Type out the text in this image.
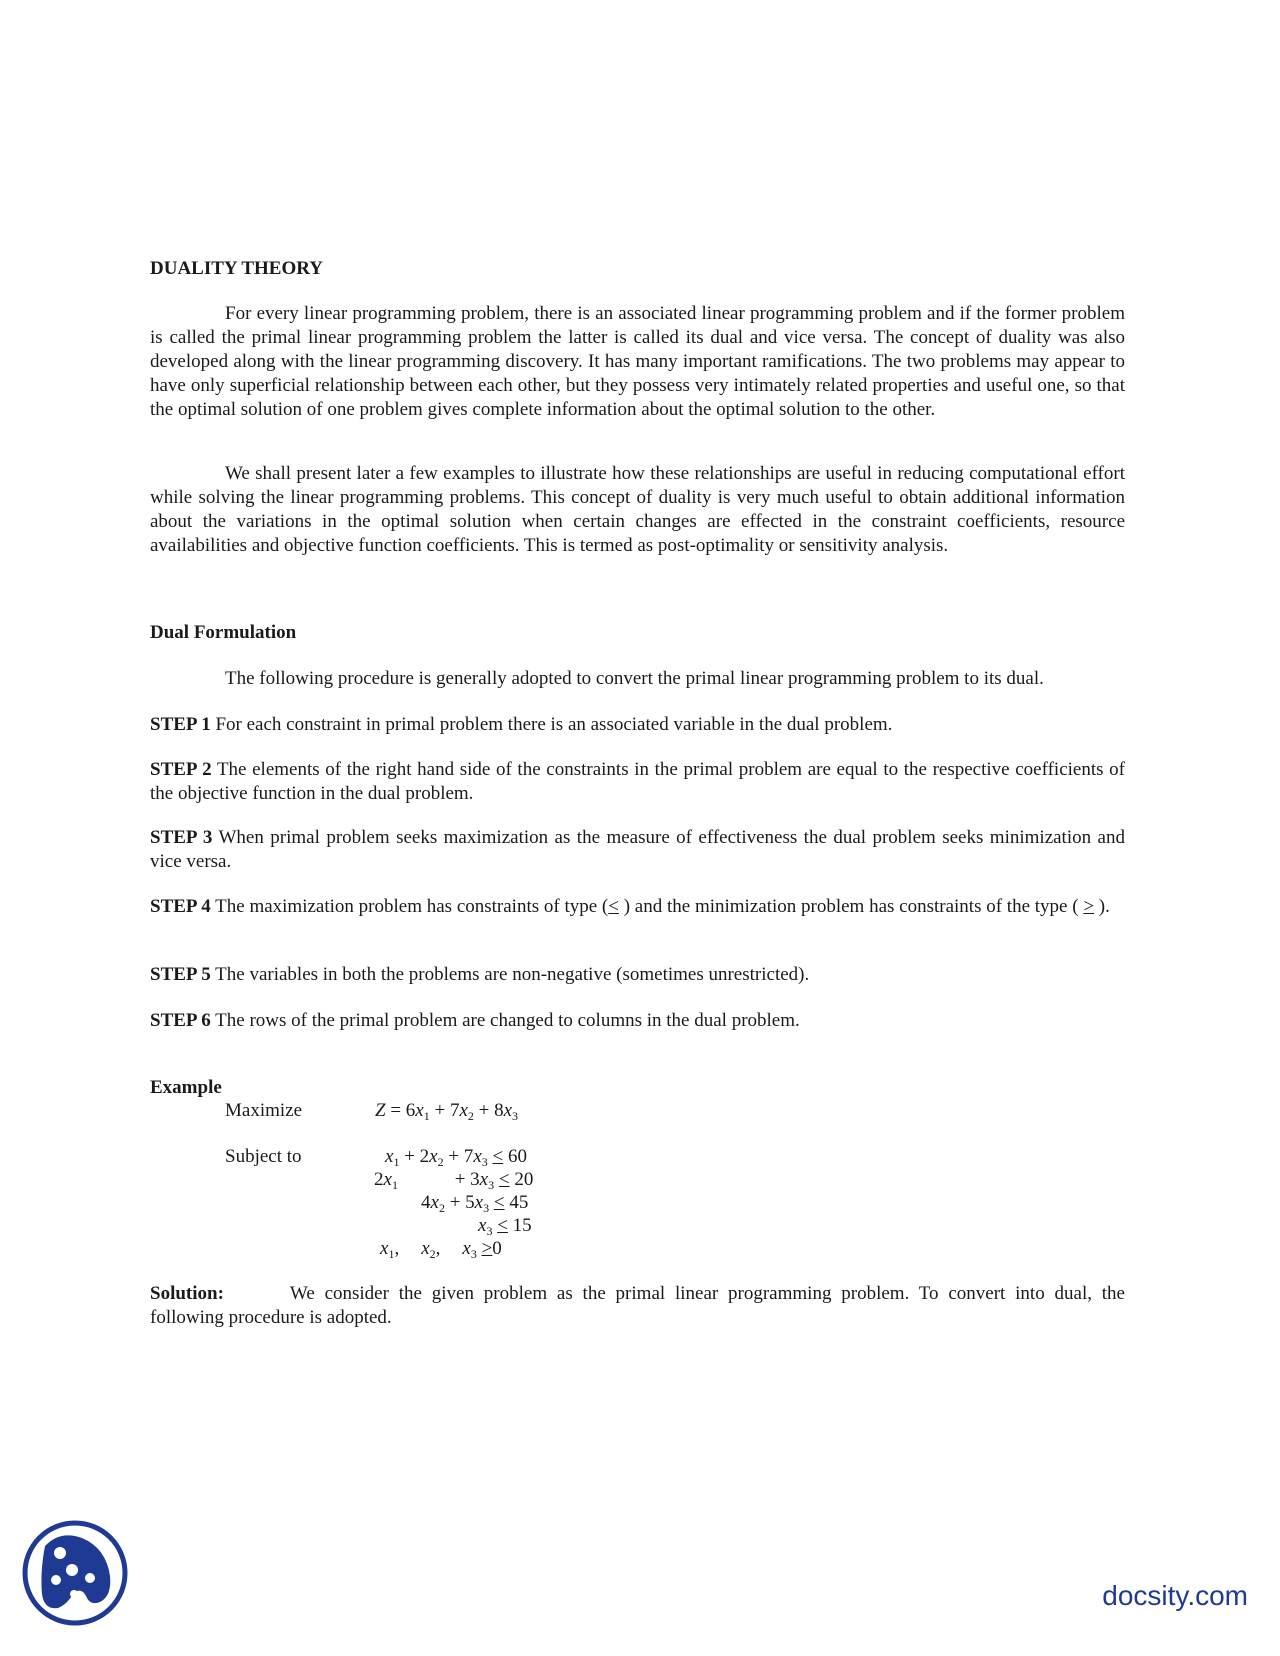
DUALITY THEORY
For every linear programming problem, there is an associated linear programming problem and if the former problem is called the primal linear programming problem the latter is called its dual and vice versa. The concept of duality was also developed along with the linear programming discovery. It has many important ramifications. The two problems may appear to have only superficial relationship between each other, but they possess very intimately related properties and useful one, so that the optimal solution of one problem gives complete information about the optimal solution to the other.
We shall present later a few examples to illustrate how these relationships are useful in reducing computational effort while solving the linear programming problems. This concept of duality is very much useful to obtain additional information about the variations in the optimal solution when certain changes are effected in the constraint coefficients, resource availabilities and objective function coefficients. This is termed as post-optimality or sensitivity analysis.
Dual Formulation
The following procedure is generally adopted to convert the primal linear programming problem to its dual.
STEP 1 For each constraint in primal problem there is an associated variable in the dual problem.
STEP 2 The elements of the right hand side of the constraints in the primal problem are equal to the respective coefficients of the objective function in the dual problem.
STEP 3 When primal problem seeks maximization as the measure of effectiveness the dual problem seeks minimization and vice versa.
STEP 4 The maximization problem has constraints of type (< ) and the minimization problem has constraints of the type ( > ).
STEP 5 The variables in both the problems are non-negative (sometimes unrestricted).
STEP 6 The rows of the primal problem are changed to columns in the dual problem.
Example
Maximize	$Z = 6x_1 + 7x_2 + 8x_3$
Subject to	$x_1 + 2x_2 + 7x_3 < 60$
$2x_1$	+ $3x_3 < 20$
$4x_2 + 5x_3 < 45$
$x_3 < 15$
$x_1$, $x_2$, $x_3 >0$
Solution:	We consider the given problem as the primal linear programming problem. To convert into dual, the following procedure is adopted.
docsity.com
